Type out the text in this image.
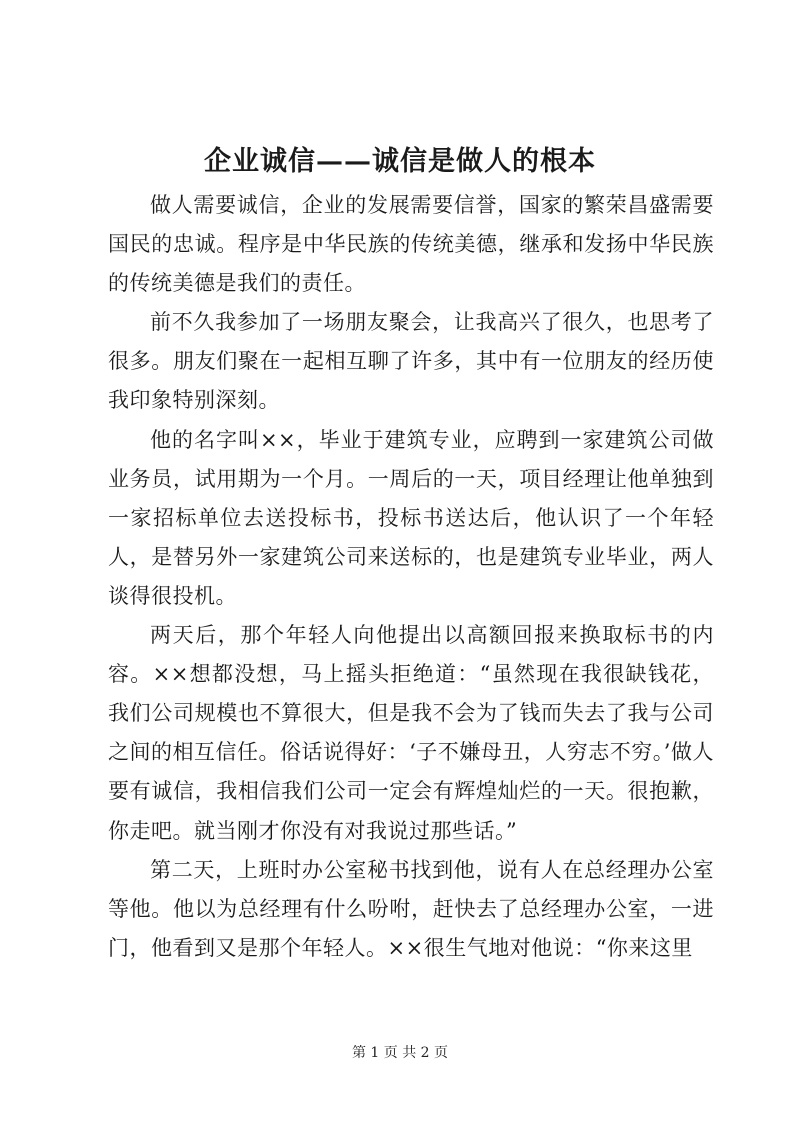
企业诚信——诚信是做人的根本

做人需要诚信，企业的发展需要信誉，国家的繁荣昌盛需要国民的忠诚。程序是中华民族的传统美德，继承和发扬中华民族的传统美德是我们的责任。

前不久我参加了一场朋友聚会，让我高兴了很久，也思考了很多。朋友们聚在一起相互聊了许多，其中有一位朋友的经历使我印象特别深刻。

他的名字叫××，毕业于建筑专业，应聘到一家建筑公司做业务员，试用期为一个月。一周后的一天，项目经理让他单独到一家招标单位去送投标书，投标书送达后，他认识了一个年轻人，是替另外一家建筑公司来送标的，也是建筑专业毕业，两人谈得很投机。

两天后，那个年轻人向他提出以高额回报来换取标书的内容。××想都没想，马上摇头拒绝道：“虽然现在我很缺钱花，我们公司规模也不算很大，但是我不会为了钱而失去了我与公司之间的相互信任。俗话说得好：‘子不嫌母丑，人穷志不穷。’做人要有诚信，我相信我们公司一定会有辉煌灿烂的一天。很抱歉，你走吧。就当刚才你没有对我说过那些话。”

第二天，上班时办公室秘书找到他，说有人在总经理办公室等他。他以为总经理有什么吩咐，赶快去了总经理办公室，一进门，他看到又是那个年轻人。××很生气地对他说：“你来这里

第 1 页 共 2 页
